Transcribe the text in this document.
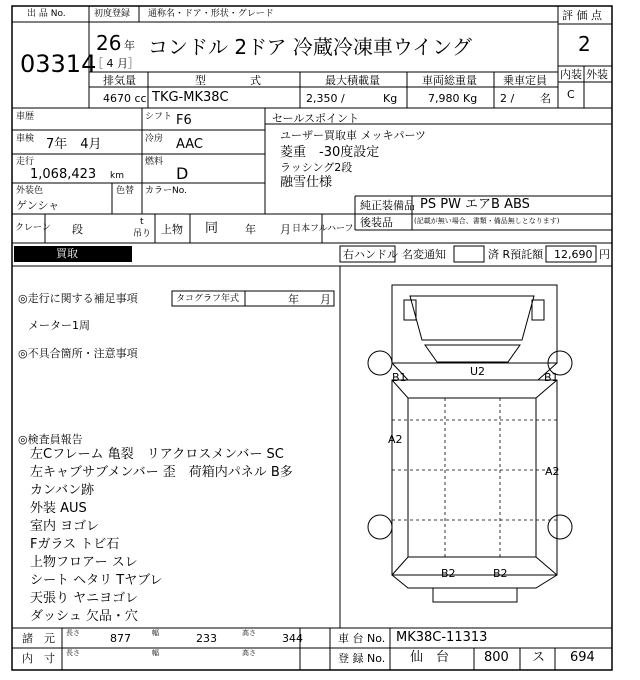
出 品 No.
03314
初度登録 通称名・ドア・形状・グレード
26 年
［ 4 月］
コンドル 2ドア 冷蔵冷凍車ウイング
評 価 点
2
内装 外装
C
排気量	型　　　　式	最大積載量	車両総重量 乗車定員
4670 cc TKG-MK38C	2,350 /	Kg	7,980 Kg 2 / 名
車歴	シフト F6
車検 7年　4月	冷房 AAC
走行
1,068,423 km
燃料
D
外装色
ゲンシャ
色替 カラーNo.
クレーン 段
t
吊り 上物 同 年 月 日本フルハーフ
セールスポイント
ユーザー買取車 メッキパーツ
菱重　-30度設定
ラッシング2段
融雪仕様
純正装備品 PS PW エアB ABS
後装品	(記載が無い場合、書類・備品無しとなります)
買取	右ハンドル 名変通知	済 R預託額 12,690 円
◎走行に関する補足事項	タコグラフ年式	年 月
メーター1周
◎不具合箇所・注意事項
◎検査員報告
左Cフレーム 亀裂　リアクロスメンバー SC
左キャブサブメンバー 歪　荷箱内パネル B多
カンバン跡
外装 AUS
室内 ヨゴレ
Fガラス トビ石
上物フロアー スレ
シート ヘタリ Tヤブレ
天張り ヤニヨゴレ
ダッシュ 欠品・穴
U2
B1	B1
A2
A2
B2	B2
諸　元 長さ	877	幅	233	高さ 344	車 台 No. MK38C-11313
内　寸 長さ	幅	高さ	登 録 No. 仙　台	800 ス 694
